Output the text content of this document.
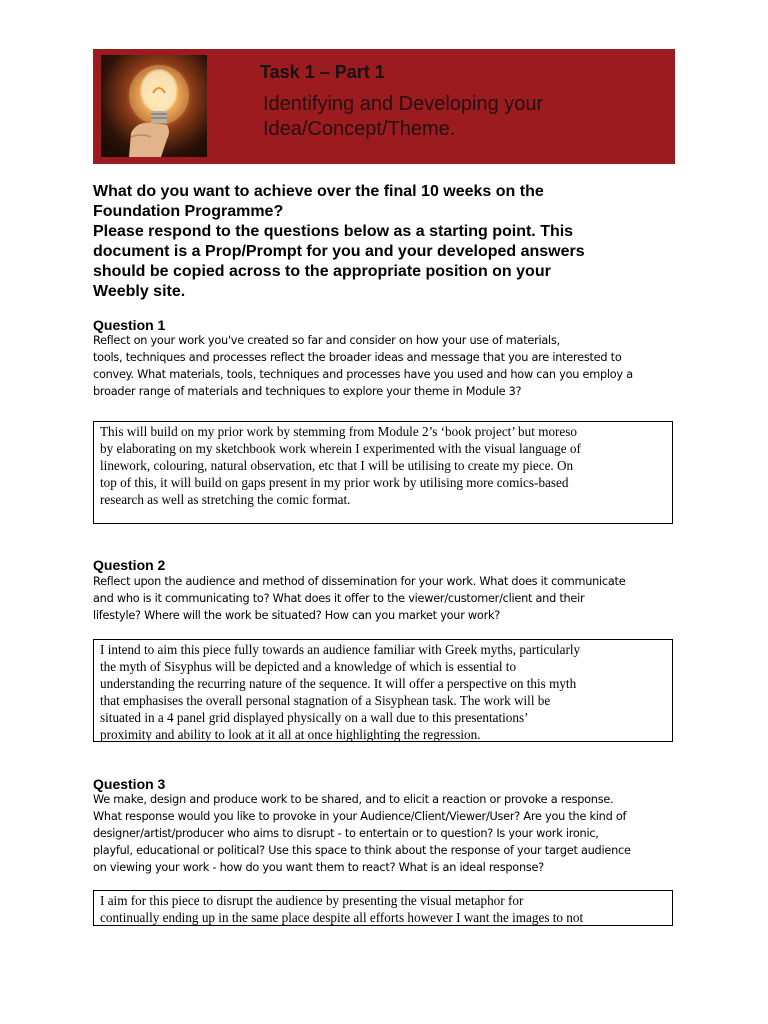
Task 1 – Part 1
Identifying and Developing your
Idea/Concept/Theme.

What do you want to achieve over the final 10 weeks on the

Foundation Programme?

Please respond to the questions below as a starting point. This

document is a Prop/Prompt for you and your developed answers

should be copied across to the appropriate position on your

Weebly site.

Question 1

Reflect on your work you've created so far and consider on how your use of materials,

tools, techniques and processes reflect the broader ideas and message that you are interested to

convey. What materials, tools, techniques and processes have you used and how can you employ a

broader range of materials and techniques to explore your theme in Module 3?

This will build on my prior work by stemming from Module 2’s ‘book project’ but moreso

by elaborating on my sketchbook work wherein I experimented with the visual language of

linework, colouring, natural observation, etc that I will be utilising to create my piece. On

top of this, it will build on gaps present in my prior work by utilising more comics-based

research as well as stretching the comic format.

Question 2

Reflect upon the audience and method of dissemination for your work. What does it communicate

and who is it communicating to? What does it offer to the viewer/customer/client and their

lifestyle? Where will the work be situated? How can you market your work?

I intend to aim this piece fully towards an audience familiar with Greek myths, particularly

the myth of Sisyphus will be depicted and a knowledge of which is essential to

understanding the recurring nature of the sequence. It will offer a perspective on this myth

that emphasises the overall personal stagnation of a Sisyphean task. The work will be

situated in a 4 panel grid displayed physically on a wall due to this presentations’

proximity and ability to look at it all at once highlighting the regression.

Question 3

We make, design and produce work to be shared, and to elicit a reaction or provoke a response.

What response would you like to provoke in your Audience/Client/Viewer/User? Are you the kind of

designer/artist/producer who aims to disrupt - to entertain or to question? Is your work ironic,

playful, educational or political? Use this space to think about the response of your target audience

on viewing your work - how do you want them to react? What is an ideal response?

I aim for this piece to disrupt the audience by presenting the visual metaphor for

continually ending up in the same place despite all efforts however I want the images to not
